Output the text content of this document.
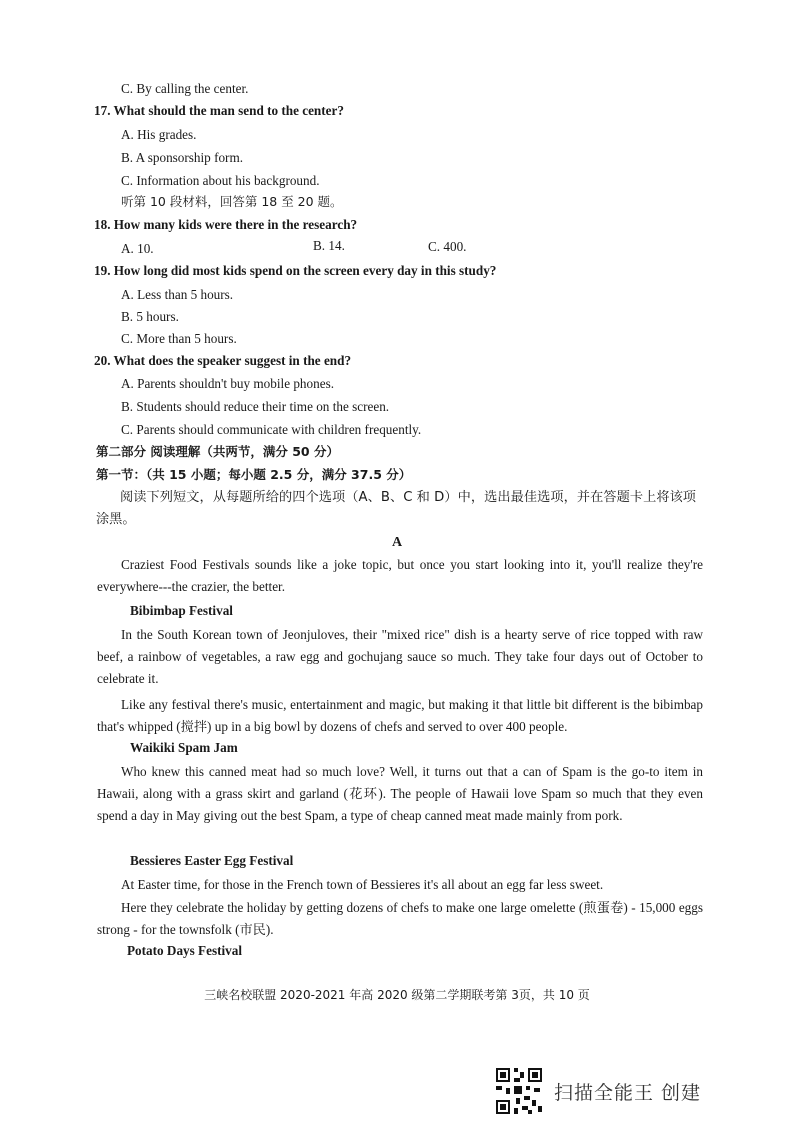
C. By calling the center.
17. What should the man send to the center?
A. His grades.
B. A sponsorship form.
C. Information about his background.
听第 10 段材料，回答第 18 至 20 题。
18. How many kids were there in the research?
A. 10.	B. 14.	C. 400.
19. How long did most kids spend on the screen every day in this study?
A. Less than 5 hours.
B. 5 hours.
C. More than 5 hours.
20. What does the speaker suggest in the end?
A. Parents shouldn't buy mobile phones.
B. Students should reduce their time on the screen.
C. Parents should communicate with children frequently.
第二部分 阅读理解（共两节，满分 50 分）
第一节：（共 15 小题；每小题 2.5 分，满分 37.5 分）
阅读下列短文，从每题所给的四个选项（A、B、C 和 D）中，选出最佳选项，并在答题卡上将该项涂黑。
A
Craziest Food Festivals sounds like a joke topic, but once you start looking into it, you'll realize they're everywhere---the crazier, the better.
Bibimbap Festival
In the South Korean town of Jeonjuloves, their "mixed rice" dish is a hearty serve of rice topped with raw beef, a rainbow of vegetables, a raw egg and gochujang sauce so much. They take four days out of October to celebrate it.
Like any festival there's music, entertainment and magic, but making it that little bit different is the bibimbap that's whipped (搅拌) up in a big bowl by dozens of chefs and served to over 400 people.
Waikiki Spam Jam
Who knew this canned meat had so much love? Well, it turns out that a can of Spam is the go-to item in Hawaii, along with a grass skirt and garland (花环). The people of Hawaii love Spam so much that they even spend a day in May giving out the best Spam, a type of cheap canned meat made mainly from pork.
Bessieres Easter Egg Festival
At Easter time, for those in the French town of Bessieres it's all about an egg far less sweet.
Here they celebrate the holiday by getting dozens of chefs to make one large omelette (煎蛋卷) - 15,000 eggs strong - for the townsfolk (市民).
Potato Days Festival
三峡名校联盟 2020-2021 年高 2020 级第二学期联考第 3页，共 10 页
扫描全能王 创建
